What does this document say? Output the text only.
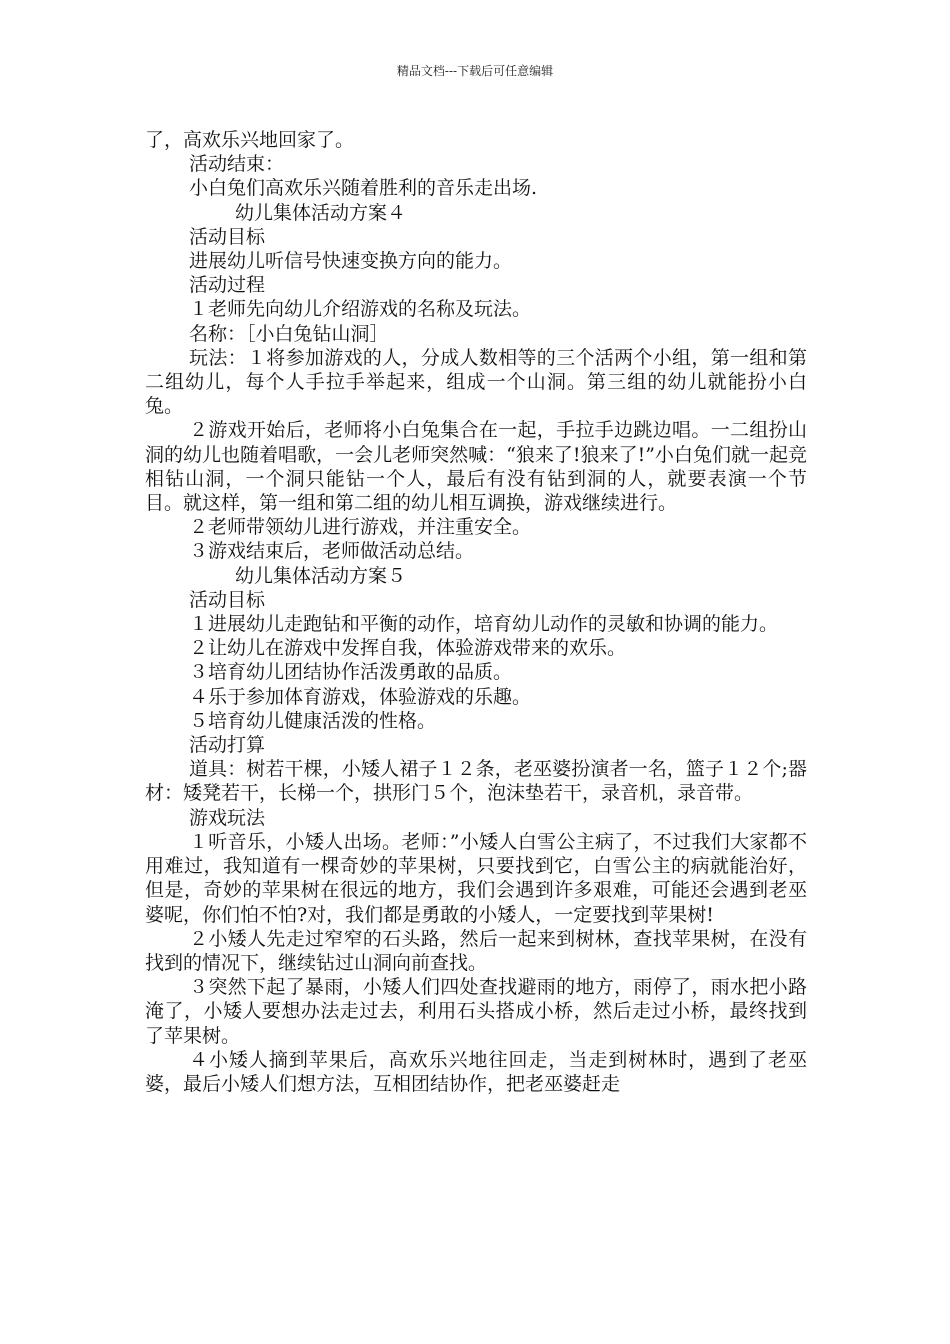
精品文档---下载后可任意编辑

了，高欢乐兴地回家了。

活动结束：

小白兔们高欢乐兴随着胜利的音乐走出场.

幼儿集体活动方案４

活动目标

进展幼儿听信号快速变换方向的能力。

活动过程

１老师先向幼儿介绍游戏的名称及玩法。

名称：［小白兔钻山洞］

玩法：１将参加游戏的人，分成人数相等的三个活两个小组，第一组和第二组幼儿，每个人手拉手举起来，组成一个山洞。第三组的幼儿就能扮小白兔。

２游戏开始后，老师将小白兔集合在一起，手拉手边跳边唱。一二组扮山洞的幼儿也随着唱歌，一会儿老师突然喊：“狼来了!狼来了!”小白兔们就一起竞相钻山洞，一个洞只能钻一个人，最后有没有钻到洞的人，就要表演一个节目。就这样，第一组和第二组的幼儿相互调换，游戏继续进行。

２老师带领幼儿进行游戏，并注重安全。

３游戏结束后，老师做活动总结。

幼儿集体活动方案５

活动目标

１进展幼儿走跑钻和平衡的动作，培育幼儿动作的灵敏和协调的能力。

２让幼儿在游戏中发挥自我，体验游戏带来的欢乐。

３培育幼儿团结协作活泼勇敢的品质。

４乐于参加体育游戏，体验游戏的乐趣。

５培育幼儿健康活泼的性格。

活动打算

道具：树若干棵，小矮人裙子１２条，老巫婆扮演者一名，篮子１２个;器材：矮凳若干，长梯一个，拱形门５个，泡沫垫若干，录音机，录音带。

游戏玩法

１听音乐，小矮人出场。老师：”小矮人白雪公主病了，不过我们大家都不用难过，我知道有一棵奇妙的苹果树，只要找到它，白雪公主的病就能治好，但是，奇妙的苹果树在很远的地方，我们会遇到许多艰难，可能还会遇到老巫婆呢，你们怕不怕?对，我们都是勇敢的小矮人，一定要找到苹果树!

２小矮人先走过窄窄的石头路，然后一起来到树林，查找苹果树，在没有找到的情况下，继续钻过山洞向前查找。

３突然下起了暴雨，小矮人们四处查找避雨的地方，雨停了，雨水把小路淹了，小矮人要想办法走过去，利用石头搭成小桥，然后走过小桥，最终找到了苹果树。

４小矮人摘到苹果后，高欢乐兴地往回走，当走到树林时，遇到了老巫婆，最后小矮人们想方法，互相团结协作，把老巫婆赶走
